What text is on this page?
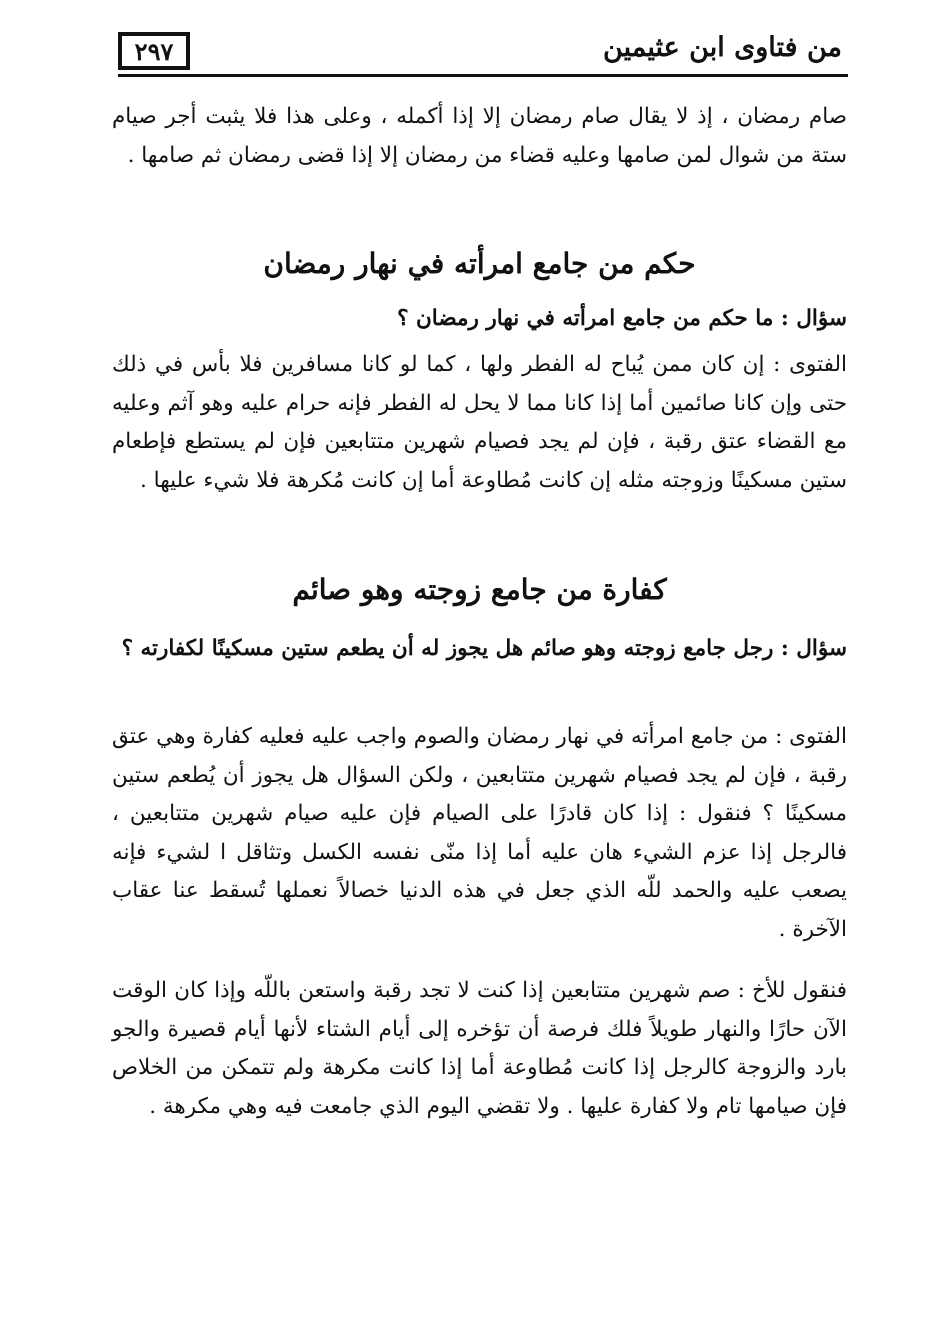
من فتاوى ابن عثيمين
٢٩٧
صام رمضان ، إذ لا يقال صام رمضان إلا إذا أكمله ، وعلى هذا فلا يثبت أجر صيام ستة من شوال لمن صامها وعليه قضاء من رمضان إلا إذا قضى رمضان ثم صامها .
حكم من جامع امرأته في نهار رمضان
سؤال : ما حكم من جامع امرأته في نهار رمضان ؟
الفتوى : إن كان ممن يُباح له الفطر ولها ، كما لو كانا مسافرين فلا بأس في ذلك حتى وإن كانا صائمين أما إذا كانا مما لا يحل له الفطر فإنه حرام عليه وهو آثم وعليه مع القضاء عتق رقبة ، فإن لم يجد فصيام شهرين متتابعين فإن لم يستطع فإطعام ستين مسكينًا وزوجته مثله إن كانت مُطاوعة أما إن كانت مُكرهة فلا شيء عليها .
كفارة من جامع زوجته وهو صائم
سؤال : رجل جامع زوجته وهو صائم هل يجوز له أن يطعم ستين مسكينًا لكفارته ؟
الفتوى : من جامع امرأته في نهار رمضان والصوم واجب عليه فعليه كفارة وهي عتق رقبة ، فإن لم يجد فصيام شهرين متتابعين ، ولكن السؤال هل يجوز أن يُطعم ستين مسكينًا ؟ فنقول : إذا كان قادرًا على الصيام فإن عليه صيام شهرين متتابعين ، فالرجل إذا عزم الشيء هان عليه أما إذا منّى نفسه الكسل وتثاقل ا لشيء فإنه يصعب عليه والحمد للّه الذي جعل في هذه الدنيا خصالاً نعملها تُسقط عنا عقاب الآخرة .
فنقول للأخ : صم شهرين متتابعين إذا كنت لا تجد رقبة واستعن باللّه وإذا كان الوقت الآن حارًا والنهار طويلاً فلك فرصة أن تؤخره إلى أيام الشتاء لأنها أيام قصيرة والجو بارد والزوجة كالرجل إذا كانت مُطاوعة أما إذا كانت مكرهة ولم تتمكن من الخلاص فإن صيامها تام ولا كفارة عليها . ولا تقضي اليوم الذي جامعت فيه وهي مكرهة .
